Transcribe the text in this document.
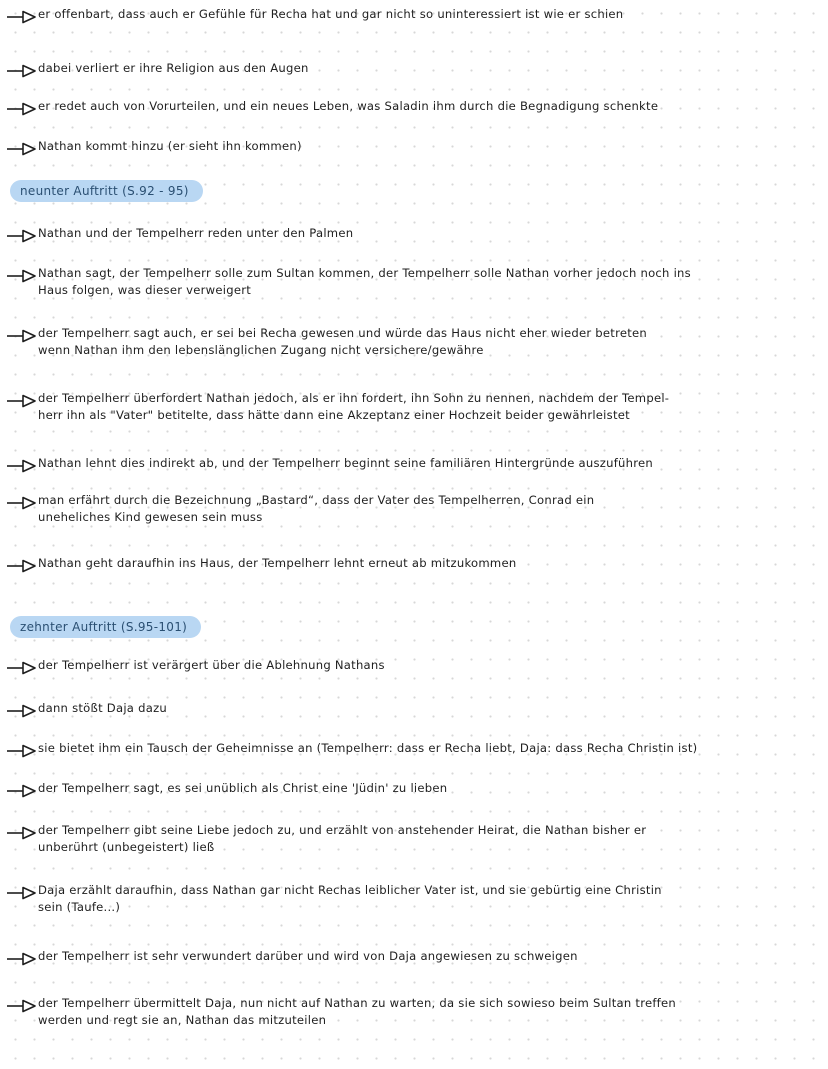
er offenbart, dass auch er Gefühle für Recha hat und gar nicht so uninteressiert ist wie er schien
dabei verliert er ihre Religion aus den Augen
er redet auch von Vorurteilen, und ein neues Leben, was Saladin ihm durch die Begnadigung schenkte
Nathan kommt hinzu (er sieht ihn kommen)
neunter Auftritt (S.92 - 95)
Nathan und der Tempelherr reden unter den Palmen
Nathan sagt, der Tempelherr solle zum Sultan kommen, der Tempelherr solle Nathan vorher jedoch noch ins
Haus folgen, was dieser verweigert
der Tempelherr sagt auch, er sei bei Recha gewesen und würde das Haus nicht eher wieder betreten
wenn Nathan ihm den lebenslänglichen Zugang nicht versichere/gewähre
der Tempelherr überfordert Nathan jedoch, als er ihn fordert, ihn Sohn zu nennen, nachdem der Tempel-
herr ihn als "Vater" betitelte, dass hätte dann eine Akzeptanz einer Hochzeit beider gewährleistet
Nathan lehnt dies indirekt ab, und der Tempelherr beginnt seine familiären Hintergründe auszuführen
man erfährt durch die Bezeichnung „Bastard“, dass der Vater des Tempelherren, Conrad ein
uneheliches Kind gewesen sein muss
Nathan geht daraufhin ins Haus, der Tempelherr lehnt erneut ab mitzukommen
zehnter Auftritt (S.95-101)
der Tempelherr ist verärgert über die Ablehnung Nathans
dann stößt Daja dazu
sie bietet ihm ein Tausch der Geheimnisse an (Tempelherr: dass er Recha liebt, Daja: dass Recha Christin ist)
der Tempelherr sagt, es sei unüblich als Christ eine 'Jüdin' zu lieben
der Tempelherr gibt seine Liebe jedoch zu, und erzählt von anstehender Heirat, die Nathan bisher er
unberührt (unbegeistert) ließ
Daja erzählt daraufhin, dass Nathan gar nicht Rechas leiblicher Vater ist, und sie gebürtig eine Christin
sein (Taufe...)
der Tempelherr ist sehr verwundert darüber und wird von Daja angewiesen zu schweigen
der Tempelherr übermittelt Daja, nun nicht auf Nathan zu warten, da sie sich sowieso beim Sultan treffen
werden und regt sie an, Nathan das mitzuteilen
